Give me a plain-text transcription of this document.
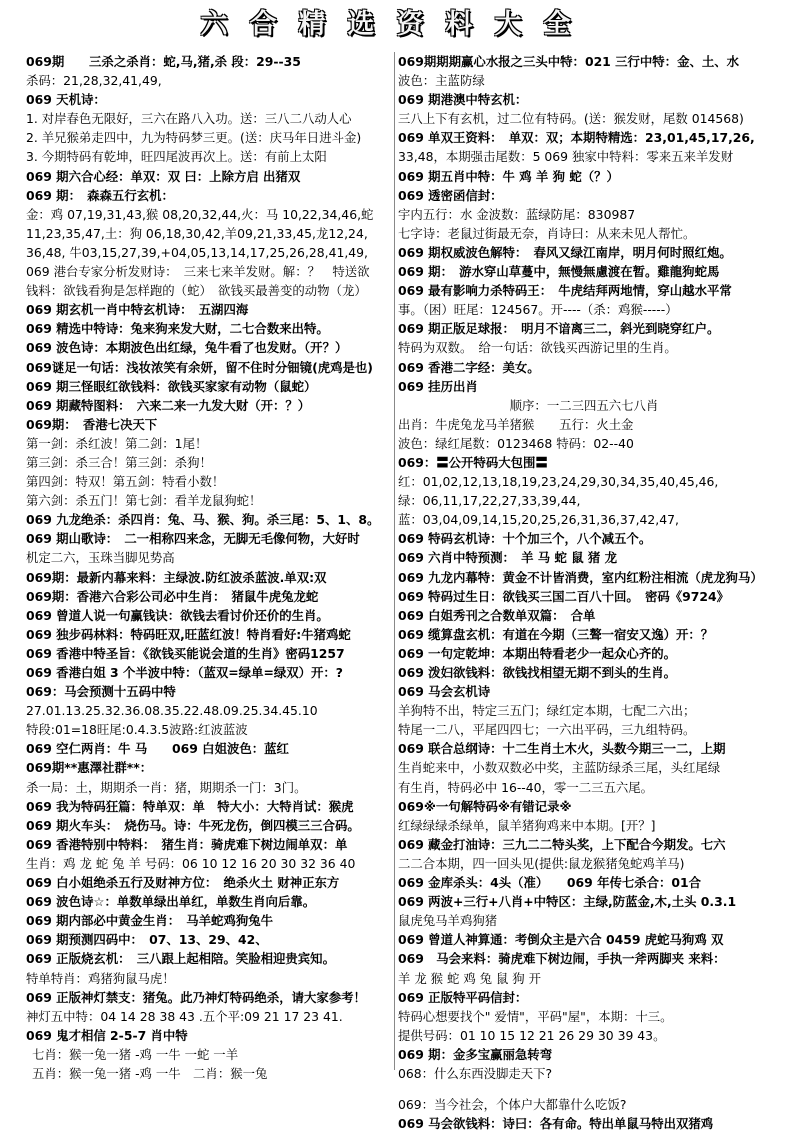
六合精选资料大全
069期　　三杀之杀肖：蛇,马,猪,杀 段：29--35
杀码：21,28,32,41,49,
069 天机诗：
1. 对岸春色无限好，三六在路八入功。送：三八二八动人心
2. 羊兄猴弟走四中，九为特码梦三更。(送：庆马年日进斗金)
3. 今期特码有乾坤，旺四尾波再次上。送：有前上太阳
069 期六合心经：单双：双 曰：上除方启 出猪双
069 期：　森森五行玄机：
金：鸡 07,19,31,43,猴 08,20,32,44,火：马 10,22,34,46,蛇
11,23,35,47,土：狗 06,18,30,42,羊09,21,33,45,龙12,24,
36,48, 牛03,15,27,39,+04,05,13,14,17,25,26,28,41,49,
069 港台专家分析发财诗：　三来七来羊发财。解：？　特送欲
钱料：欲钱看狗是怎样跑的（蛇）　欲钱买最善变的动物（龙）
069 期玄机一肖中特玄机诗：　五湖四海
069 精选中特诗：兔来狗来发大财，二七合数来出特。
069 波色诗：本期波色出红绿，兔牛看了也发财。（开？）
069谜足一句话：浅妆浓笑有余妍，留不住时分钿镜(虎鸡是也)
069 期三怪眼红欲钱料：欲钱买家家有动物（鼠蛇）
069 期藏特图料：　六来二来一九发大财（开：？）
069期：　香港七决天下
第一剑：杀红波！第二剑：1尾！
第三剑：杀三合！第三剑：杀狗！
第四剑：特双！第五剑：特看小数！
第六剑：杀五门！第七剑：看羊龙鼠狗蛇！
069 九龙绝杀：杀四肖：兔、马、猴、狗。杀三尾：5、1、8。
069 期山歌诗：　二一相称四来念，无脚无毛像何物，大好时
机定二六，玉珠当脚见势高
069期：最新内幕来料：主绿波.防红波杀蓝波.单双:双
069期：香港六合彩公司必中生肖：　猪鼠牛虎兔龙蛇
069 曾道人说一句赢钱诀：欲钱去看讨价还价的生肖。
069 独步码林料：特码旺双,旺蓝红波！特肖看好:牛猪鸡蛇
069 香港中特圣旨：《欲钱买能说会道的生肖》密码1257
069 香港白姐 3 个半波中特：（蓝双=绿单=绿双）开：?
069：马会预测十五码中特
27.01.13.25.32.36.08.35.22.48.09.25.34.45.10
特段:01=18旺尾:0.4.3.5波路:红波蓝波
069 空仁两肖：牛 马　　069 白姐波色：蓝红
069期**惠澤社群**：
杀一局：土，期期杀一肖：猪，期期杀一门：3门。
069 我为特码狂篇：特单双：单　特大小：大特肖试：猴虎
069 期火车头：　烧伤马。诗：牛死龙伤，倒四模三三合码。
069 香港特别中特料：　猪生肖：骑虎难下树边闹单双：单
生肖：鸡 龙 蛇 兔 羊 号码：06 10 12 16 20 30 32 36 40
069 白小姐绝杀五行及财神方位：　绝杀火土 财神正东方
069 波色诗☆：单数单绿出单红，单数生肖向后靠。
069 期内部必中黄金生肖：　马羊蛇鸡狗兔牛
069 期预测四码中：　07、13、29、42、
069 正版烧玄机：　三八跟上起相陪。笑脸相迎贵宾知。
特单特肖：鸡猪狗鼠马虎！
069 正版神灯禁支：猪兔。此乃神灯特码绝杀，请大家参考！
神灯五中特：04 14 28 38 43 .五个平:09 21 17 23 41.
069 鬼才相信 2-5-7 肖中特
七肖：猴一兔一猪 -鸡 一牛 一蛇 一羊
五肖：猴一兔一猪 -鸡 一牛　二肖：猴一兔
069期期期赢心水报之三头中特：021 三行中特：金、土、水
波色：主蓝防绿
069 期港澳中特玄机：
三八上下有玄机，过二位有特码。(送：猴发财，尾数 014568)
069 单双王资料：　单双：双；本期特精选：23,01,45,17,26,
33,48，本期强击尾数：5 069 独家中特料：零来五来羊发财
069 期五肖中特：牛 鸡 羊 狗 蛇（？）
069 透密函信封：
宇内五行：水 金波数：蓝绿防尾：830987
七字诗：老鼠过街最无奈，肖诗曰：从来未见人帮忙。
069 期权威波色解特：　春风又绿江南岸，明月何时照红炮。
069 期：　游水穿山草蔓中，無慢無慮渡在暂。雞龍狗蛇馬
069 最有影响力杀特码王：　牛虎结拜两地情，穿山越水平常
事。（困）旺尾：124567。开----（杀：鸡猴-----）
069 期正版足球报：　明月不谙离三二，斜光到晓穿红户。
特码为双数。　给一句话：欲钱买西游记里的生肖。
069 香港二字经：美女。
069 挂历出肖
顺序：一二三四五六七八肖
出肖：牛虎兔龙马羊猪猴　　五行：火土金
波色：绿红尾数：0123468 特码：02--40
069：〓公开特码大包围〓
红：01,02,12,13,18,19,23,24,29,30,34,35,40,45,46,
绿：06,11,17,22,27,33,39,44,
蓝：03,04,09,14,15,20,25,26,31,36,37,42,47,
069 特码玄机诗：十个加三个，八个减五个。
069 六肖中特预测：　羊 马 蛇 鼠 猪 龙
069 九龙内幕特：黄金不计皆消费，室内红粉注相流（虎龙狗马）
069 特码过生日：欲钱买三国二百八十回。　密码《9724》
069 白姐秀刊之合数单双篇：　合单
069 缆算盘玄机：有道在今期（三聱一宿安又逸）开：？
069 一句定乾坤：本期出特看老少一起众心齐的。
069 泼妇欲钱料：欲钱找相望无期不到头的生肖。
069 马会玄机诗
羊狗特不出，特定三五门；绿红定本期，七配二六出；
特尾一二八，平尾四四七；一六出平码，三九组特码。
069 联合总纲诗：十二生肖土木火，头数今期三一二，上期
生肖蛇来中，小数双数必中奖，主蓝防绿杀三尾，头红尾绿
有生肖，特码必中 16--40，零一二三五六尾。
069※一句解特码※有错记录※
红绿绿绿杀绿单，鼠羊猪狗鸡来中本期。[开？]
069 藏金打油诗：三九二二特头奖，上下配合今期发。七六
二二合本期，四一回头见(提供:鼠龙猴猪兔蛇鸡羊马)
069 金库杀头：4头（准）　　069 年传七杀合：01合
069 两波+三行+八肖+中特区：主绿,防蓝金,木,土头 0.3.1
鼠虎兔马羊鸡狗猪
069 曾道人神算通：考倒众主是六合 0459 虎蛇马狗鸡 双
069　马会来料：骑虎难下树边闹，手执一斧两脚夹 来料：
羊 龙 猴 蛇 鸡 兔 鼠 狗 开
069 正版特平码信封：
特码心想要找个" 爱情"，平码"屋"，本期：十三。
提供号码：01 10 15 12 21 26 29 30 39 43。
069 期：金多宝赢丽急转弯
068：什么东西没脚走天下?
069：当今社会，个体户大都靠什么吃饭?
069 马会欲钱料：诗曰：各有命。特出单鼠马特出双猪鸡
